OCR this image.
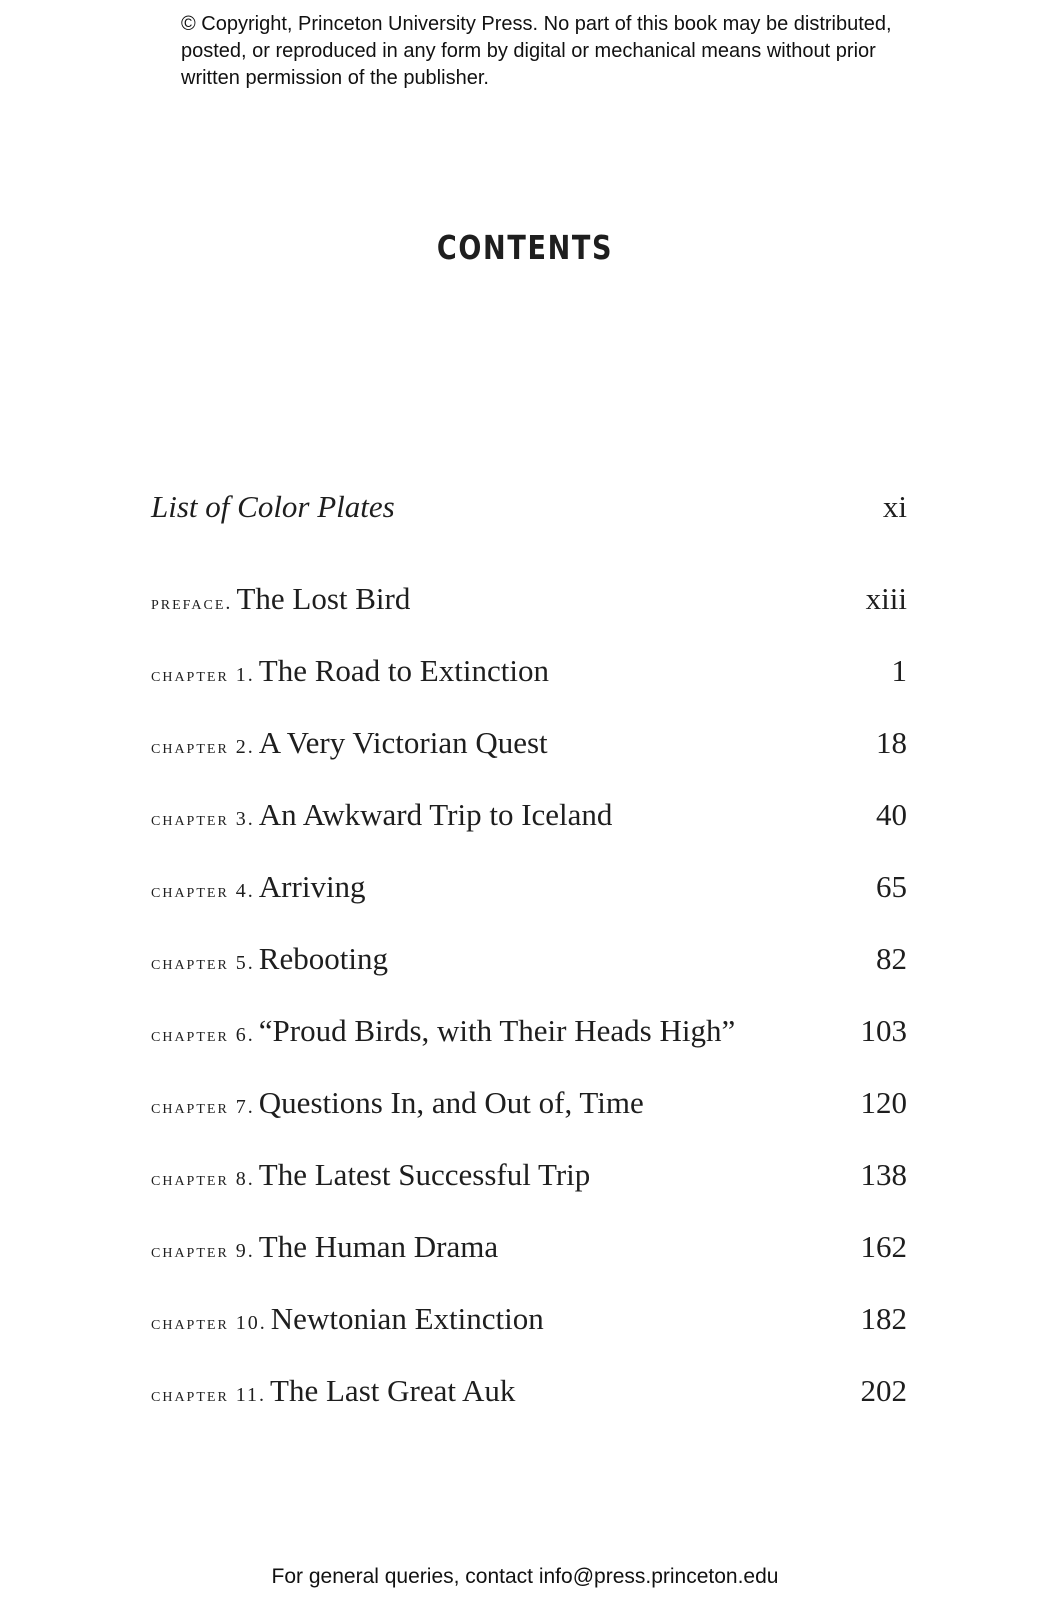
© Copyright, Princeton University Press. No part of this book may be distributed, posted, or reproduced in any form by digital or mechanical means without prior written permission of the publisher.
CONTENTS
List of Color Plates	xi
preface. The Lost Bird	xiii
chapter 1. The Road to Extinction	1
chapter 2. A Very Victorian Quest	18
chapter 3. An Awkward Trip to Iceland	40
chapter 4. Arriving	65
chapter 5. Rebooting	82
chapter 6. “Proud Birds, with Their Heads High”	103
chapter 7. Questions In, and Out of, Time	120
chapter 8. The Latest Successful Trip	138
chapter 9. The Human Drama	162
chapter 10. Newtonian Extinction	182
chapter 11. The Last Great Auk	202
For general queries, contact info@press.princeton.edu
